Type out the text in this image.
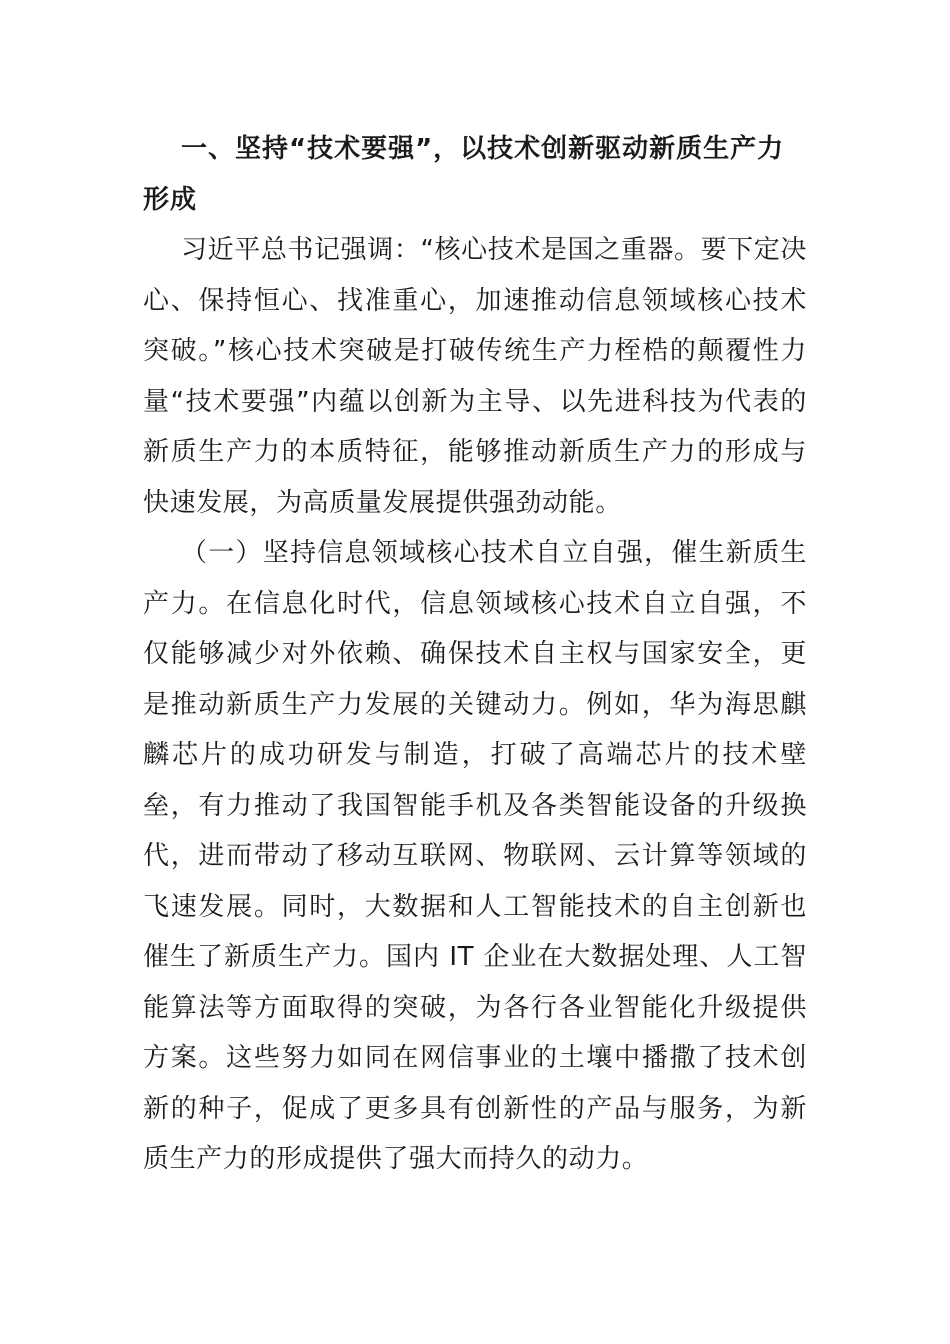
一、坚持“技术要强”，以技术创新驱动新质生产力形成

习近平总书记强调：“核心技术是国之重器。要下定决心、保持恒心、找准重心，加速推动信息领域核心技术突破。”核心技术突破是打破传统生产力桎梏的颠覆性力量“技术要强”内蕴以创新为主导、以先进科技为代表的新质生产力的本质特征，能够推动新质生产力的形成与快速发展，为高质量发展提供强劲动能。

（一）坚持信息领域核心技术自立自强，催生新质生产力。在信息化时代，信息领域核心技术自立自强，不仅能够减少对外依赖、确保技术自主权与国家安全，更是推动新质生产力发展的关键动力。例如，华为海思麒麟芯片的成功研发与制造，打破了高端芯片的技术壁垒，有力推动了我国智能手机及各类智能设备的升级换代，进而带动了移动互联网、物联网、云计算等领域的飞速发展。同时，大数据和人工智能技术的自主创新也催生了新质生产力。国内 IT 企业在大数据处理、人工智能算法等方面取得的突破，为各行各业智能化升级提供方案。这些努力如同在网信事业的土壤中播撒了技术创新的种子，促成了更多具有创新性的产品与服务，为新质生产力的形成提供了强大而持久的动力。
